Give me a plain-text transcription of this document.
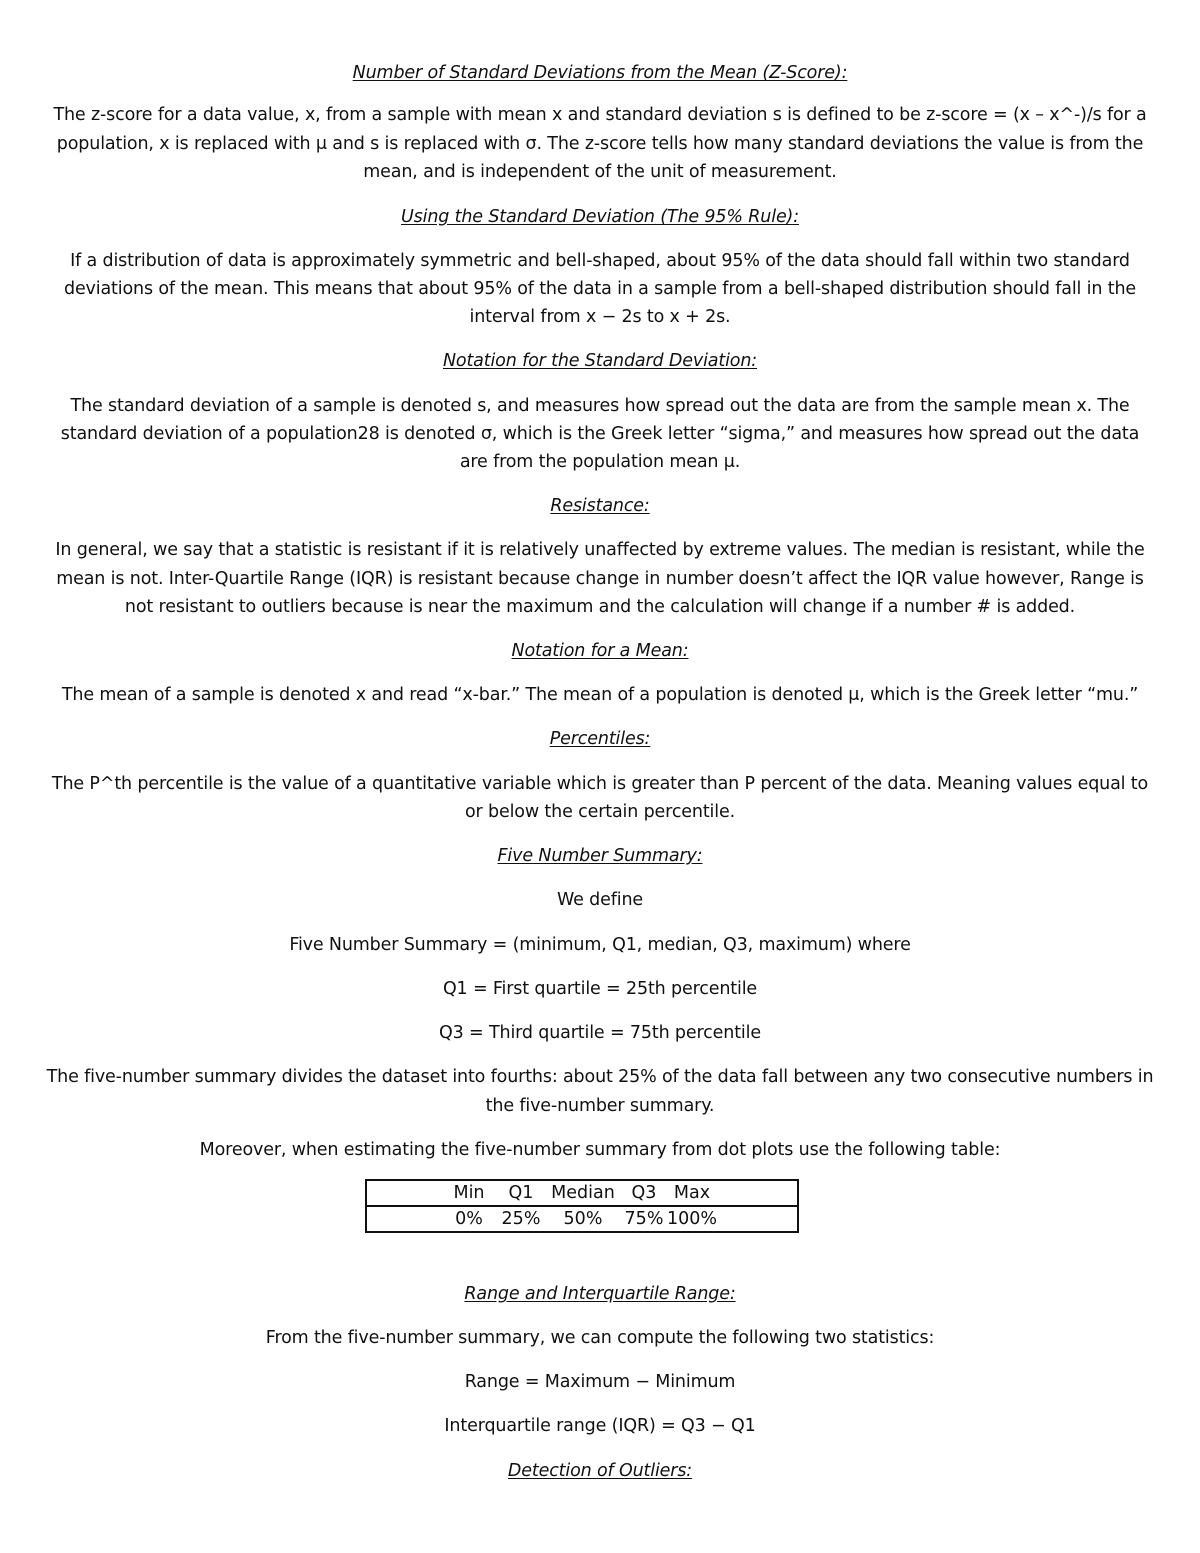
Number of Standard Deviations from the Mean (Z-Score):
The z-score for a data value, x, from a sample with mean x and standard deviation s is defined to be z-score = (x – x^-)/s for a
population, x is replaced with μ and s is replaced with σ. The z-score tells how many standard deviations the value is from the
mean, and is independent of the unit of measurement.
Using the Standard Deviation (The 95% Rule):
If a distribution of data is approximately symmetric and bell-shaped, about 95% of the data should fall within two standard
deviations of the mean. This means that about 95% of the data in a sample from a bell-shaped distribution should fall in the
interval from x − 2s to x + 2s.
Notation for the Standard Deviation:
The standard deviation of a sample is denoted s, and measures how spread out the data are from the sample mean x. The
standard deviation of a population28 is denoted σ, which is the Greek letter “sigma,” and measures how spread out the data
are from the population mean μ.
Resistance:
In general, we say that a statistic is resistant if it is relatively unaffected by extreme values. The median is resistant, while the
mean is not. Inter-Quartile Range (IQR) is resistant because change in number doesn’t affect the IQR value however, Range is
not resistant to outliers because is near the maximum and the calculation will change if a number # is added.
Notation for a Mean:
The mean of a sample is denoted x and read “x-bar.” The mean of a population is denoted μ, which is the Greek letter “mu.”
Percentiles:
The P^th percentile is the value of a quantitative variable which is greater than P percent of the data. Meaning values equal to
or below the certain percentile.
Five Number Summary:
We define
Five Number Summary = (minimum, Q1, median, Q3, maximum) where
Q1 = First quartile = 25th percentile
Q3 = Third quartile = 75th percentile
The five-number summary divides the dataset into fourths: about 25% of the data fall between any two consecutive numbers in
the five-number summary.
Moreover, when estimating the five-number summary from dot plots use the following table:
Min Q1 Median Q3 Max
0% 25% 50% 75% 100%
Range and Interquartile Range:
From the five-number summary, we can compute the following two statistics:
Range = Maximum − Minimum
Interquartile range (IQR) = Q3 − Q1
Detection of Outliers:
